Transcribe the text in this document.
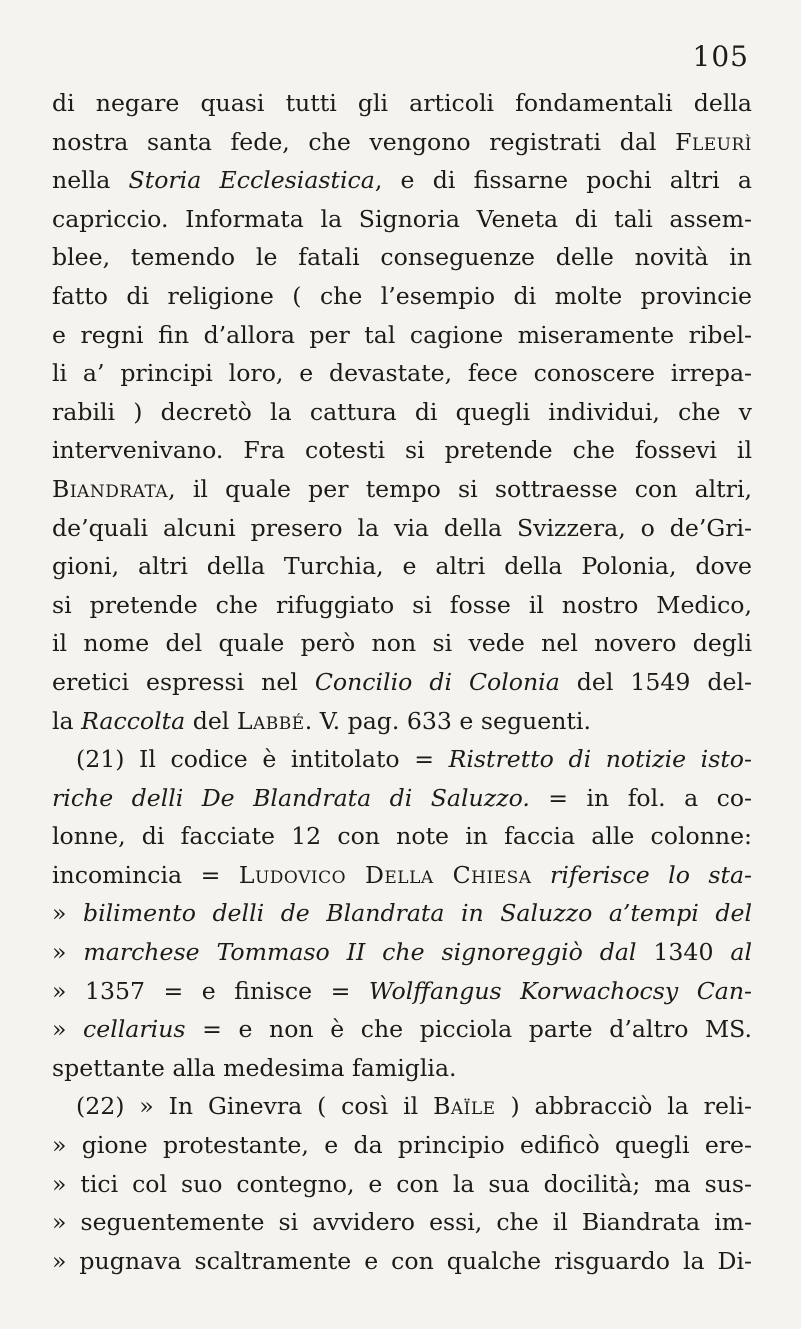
105
di negare quasi tutti gli articoli fondamentali della
nostra santa fede, che vengono registrati dal Fleurì
nella Storia Ecclesiastica, e di fissarne pochi altri a
capriccio. Informata la Signoria Veneta di tali assem-
blee, temendo le fatali conseguenze delle novità in
fatto di religione ( che l’esempio di molte provincie
e regni fin d’allora per tal cagione miseramente ribel-
li a’ principi loro, e devastate, fece conoscere irrepa-
rabili ) decretò la cattura di quegli individui, che v
intervenivano. Fra cotesti si pretende che fossevi il
Biandrata, il quale per tempo si sottraesse con altri,
de’quali alcuni presero la via della Svizzera, o de’Gri-
gioni, altri della Turchia, e altri della Polonia, dove
si pretende che rifuggiato si fosse il nostro Medico,
il nome del quale però non si vede nel novero degli
eretici espressi nel Concilio di Colonia del 1549 del-
la Raccolta del Labbé. V. pag. 633 e seguenti.
(21) Il codice è intitolato = Ristretto di notizie isto-
riche delli De Blandrata di Saluzzo. = in fol. a co-
lonne, di facciate 12 con note in faccia alle colonne:
incomincia = Ludovico Della Chiesa riferisce lo sta-
» bilimento delli de Blandrata in Saluzzo a’tempi del
» marchese Tommaso II che signoreggiò dal 1340 al
» 1357 = e finisce = Wolffangus Korwachocsy Can-
» cellarius = e non è che picciola parte d’altro MS.
spettante alla medesima famiglia.
(22) » In Ginevra ( così il Baïle ) abbracciò la reli-
» gione protestante, e da principio edificò quegli ere-
» tici col suo contegno, e con la sua docilità; ma sus-
» seguentemente si avvidero essi, che il Biandrata im-
» pugnava scaltramente e con qualche risguardo la Di-
